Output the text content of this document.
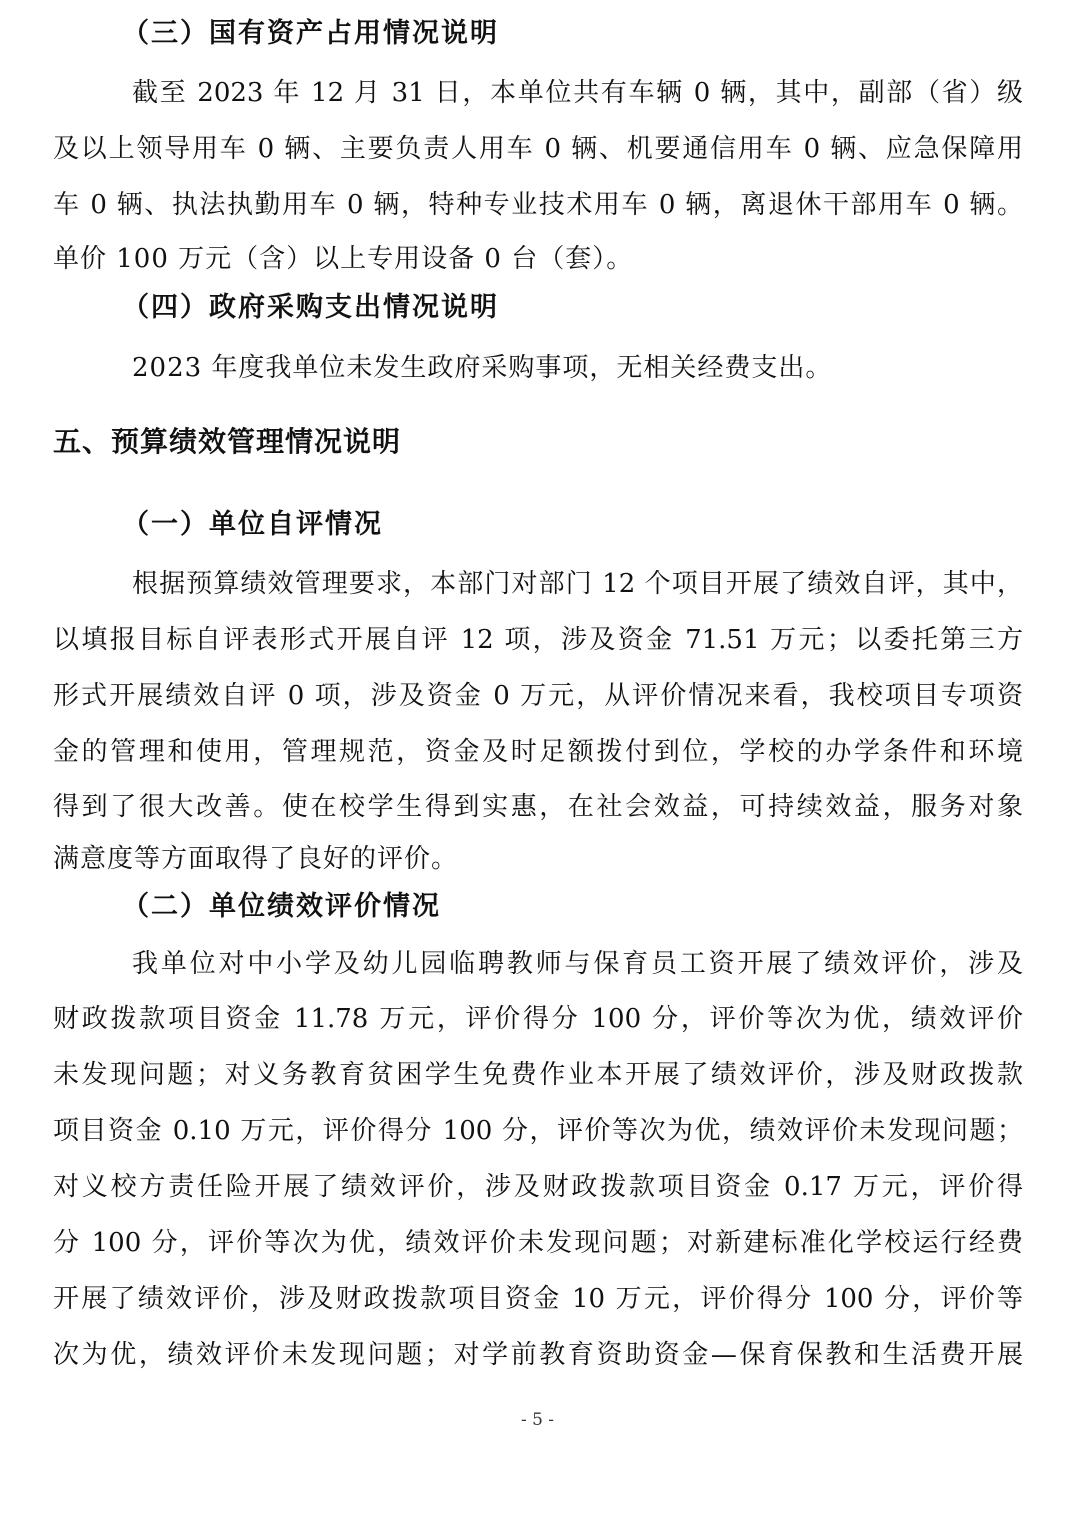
（三）国有资产占用情况说明

截至 2023 年 12 月 31 日，本单位共有车辆 0 辆，其中，副部（省）级

及以上领导用车 0 辆、主要负责人用车 0 辆、机要通信用车 0 辆、应急保障用

车 0 辆、执法执勤用车 0 辆，特种专业技术用车 0 辆，离退休干部用车 0 辆。

单价 100 万元（含）以上专用设备 0 台（套）。

（四）政府采购支出情况说明

2023 年度我单位未发生政府采购事项，无相关经费支出。

五、预算绩效管理情况说明
（一）单位自评情况

根据预算绩效管理要求，本部门对部门 12 个项目开展了绩效自评，其中，

以填报目标自评表形式开展自评 12 项，涉及资金 71.51 万元；以委托第三方

形式开展绩效自评 0 项，涉及资金 0 万元，从评价情况来看，我校项目专项资

金的管理和使用，管理规范，资金及时足额拨付到位，学校的办学条件和环境

得到了很大改善。使在校学生得到实惠，在社会效益，可持续效益，服务对象

满意度等方面取得了良好的评价。

（二）单位绩效评价情况

我单位对中小学及幼儿园临聘教师与保育员工资开展了绩效评价，涉及

财政拨款项目资金 11.78 万元，评价得分 100 分，评价等次为优，绩效评价

未发现问题；对义务教育贫困学生免费作业本开展了绩效评价，涉及财政拨款

项目资金 0.10 万元，评价得分 100 分，评价等次为优，绩效评价未发现问题；

对义校方责任险开展了绩效评价，涉及财政拨款项目资金 0.17 万元，评价得

分 100 分，评价等次为优，绩效评价未发现问题；对新建标准化学校运行经费

开展了绩效评价，涉及财政拨款项目资金 10 万元，评价得分 100 分，评价等

次为优，绩效评价未发现问题；对学前教育资助资金—保育保教和生活费开展

- 5 -
